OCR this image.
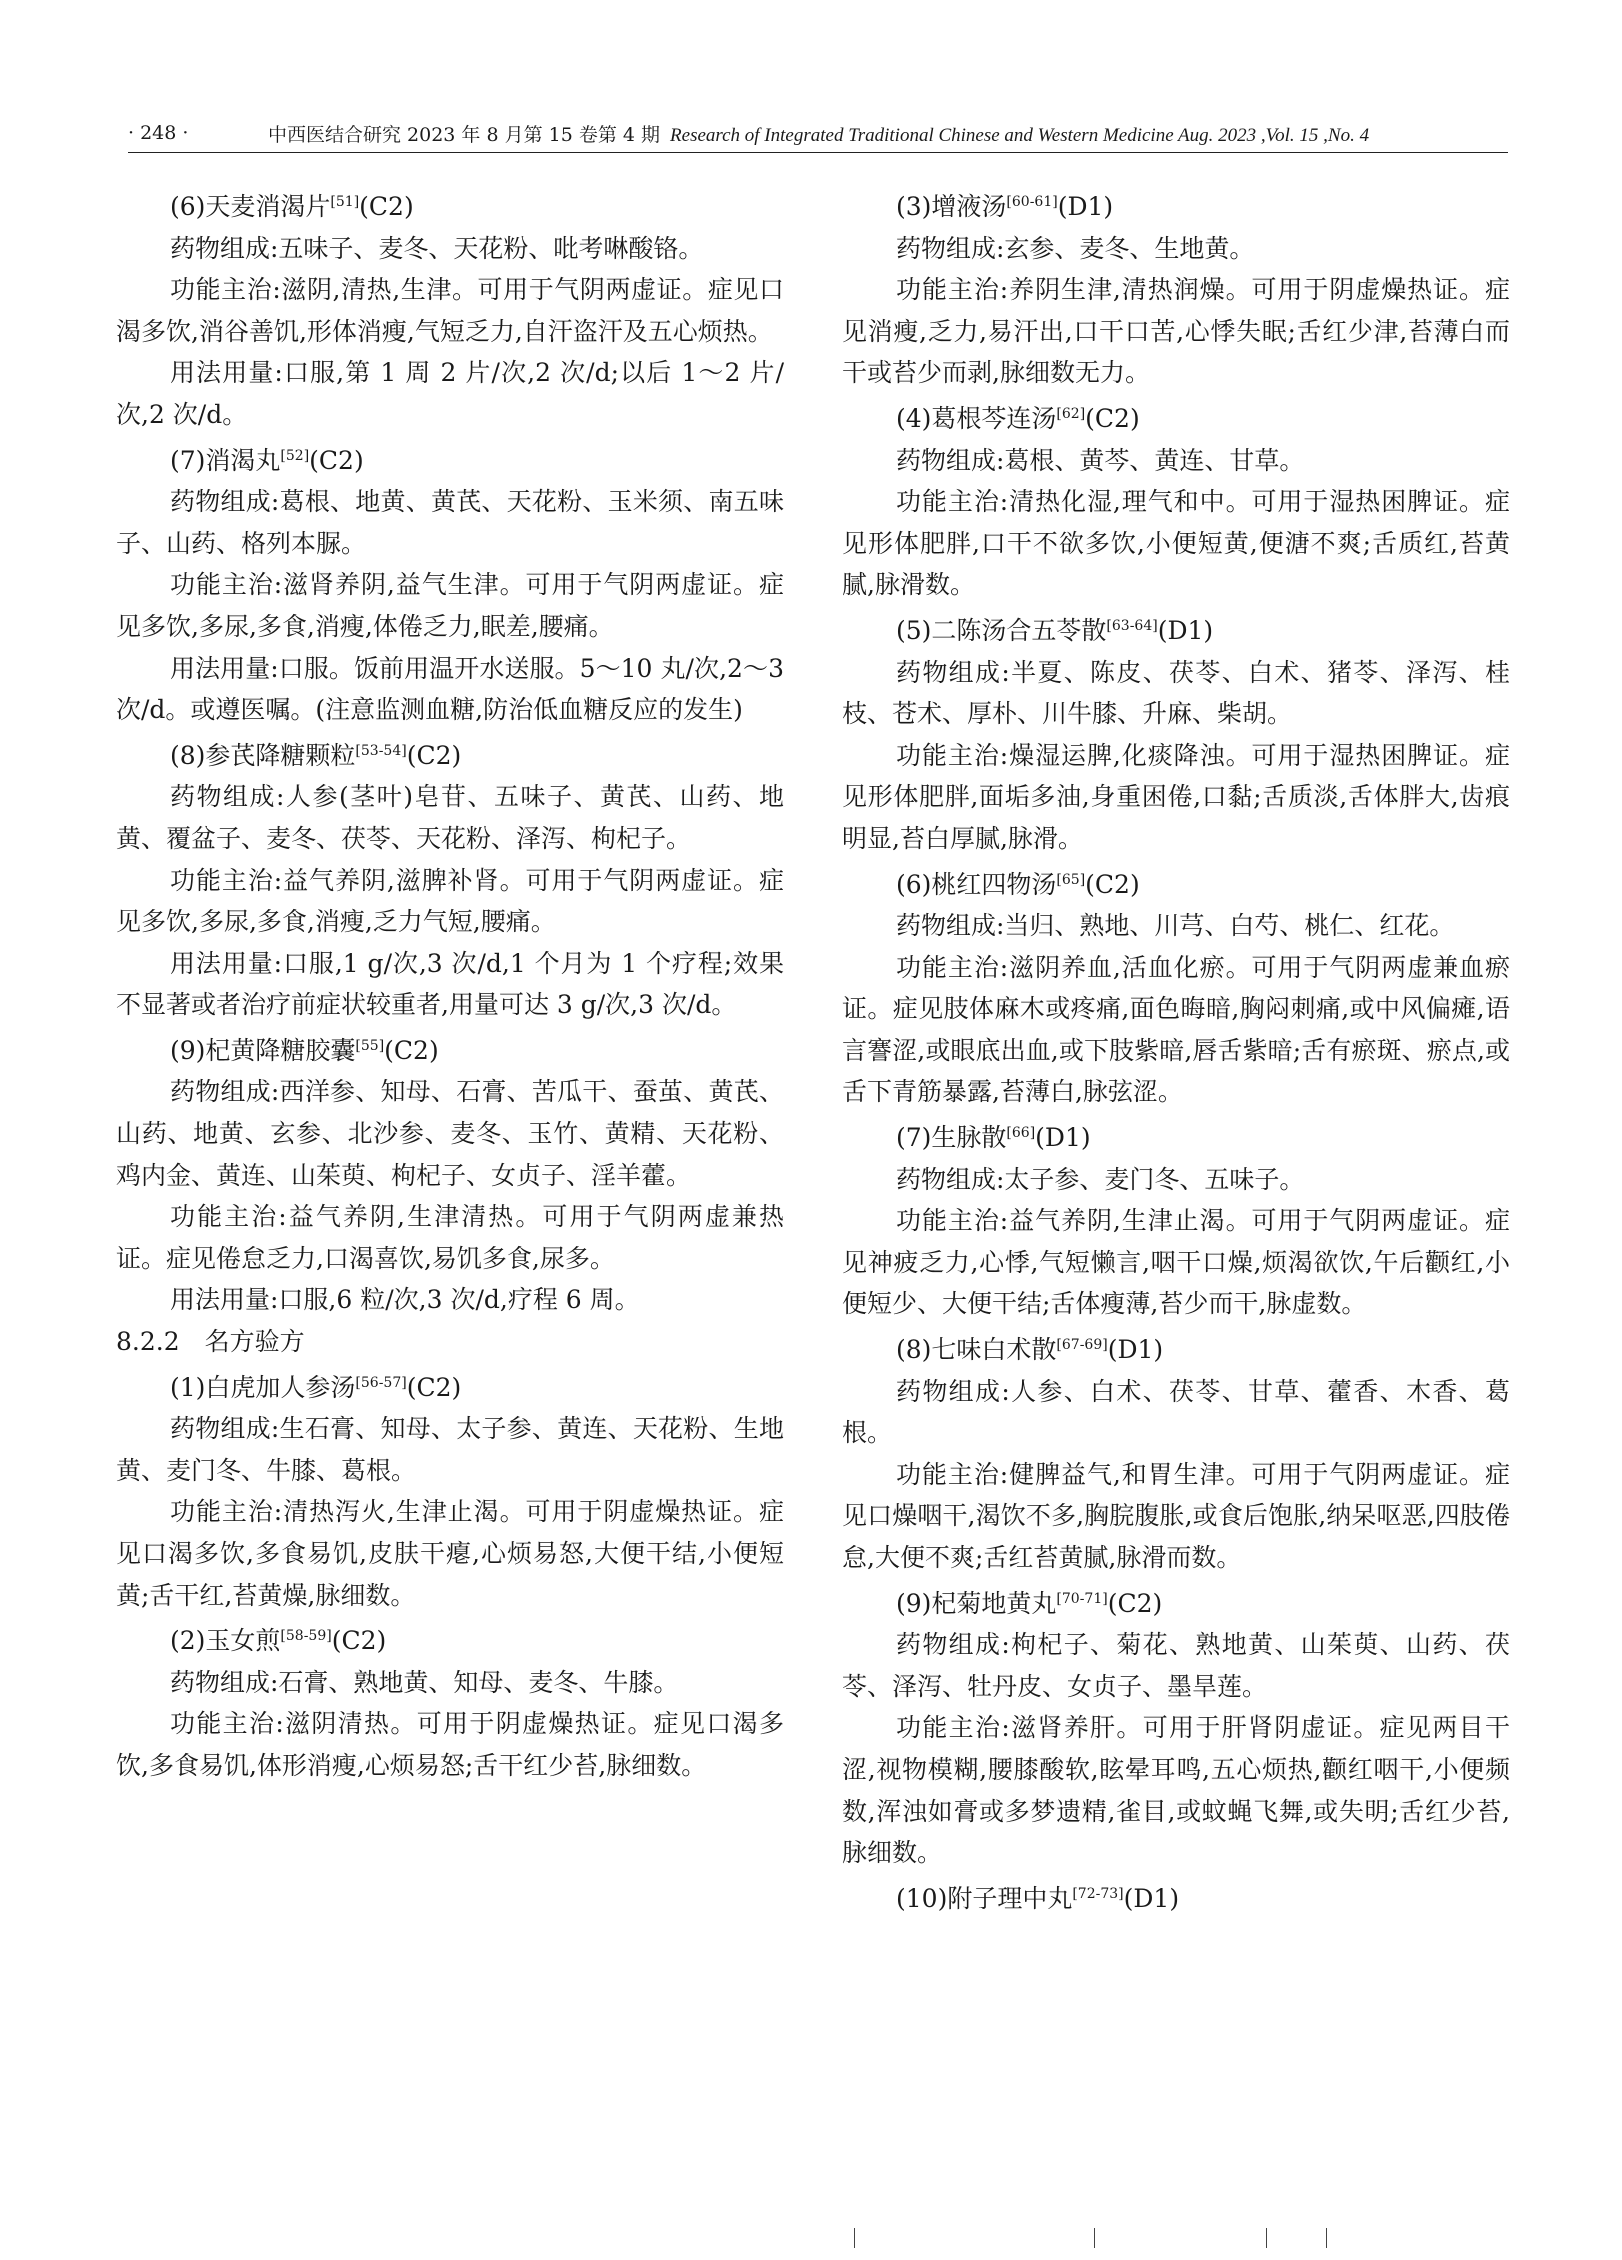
· 248 ·	中西医结合研究 2023 年 8 月第 15 卷第 4 期 Research of Integrated Traditional Chinese and Western Medicine Aug. 2023 ,Vol. 15 ,No. 4

(6)天麦消渴片[51](C2)

药物组成:五味子、麦冬、天花粉、吡考啉酸铬。

功能主治:滋阴,清热,生津。可用于气阴两虚证。症见口渴多饮,消谷善饥,形体消瘦,气短乏力,自汗盗汗及五心烦热。

用法用量:口服,第 1 周 2 片/次,2 次/d;以后 1～2 片/次,2 次/d。

(7)消渴丸[52](C2)

药物组成:葛根、地黄、黄芪、天花粉、玉米须、南五味子、山药、格列本脲。

功能主治:滋肾养阴,益气生津。可用于气阴两虚证。症见多饮,多尿,多食,消瘦,体倦乏力,眠差,腰痛。

用法用量:口服。饭前用温开水送服。5～10 丸/次,2～3 次/d。或遵医嘱。(注意监测血糖,防治低血糖反应的发生)

(8)参芪降糖颗粒[53-54](C2)

药物组成:人参(茎叶)皂苷、五味子、黄芪、山药、地黄、覆盆子、麦冬、茯苓、天花粉、泽泻、枸杞子。

功能主治:益气养阴,滋脾补肾。可用于气阴两虚证。症见多饮,多尿,多食,消瘦,乏力气短,腰痛。

用法用量:口服,1 g/次,3 次/d,1 个月为 1 个疗程;效果不显著或者治疗前症状较重者,用量可达 3 g/次,3 次/d。

(9)杞黄降糖胶囊[55](C2)

药物组成:西洋参、知母、石膏、苦瓜干、蚕茧、黄芪、山药、地黄、玄参、北沙参、麦冬、玉竹、黄精、天花粉、鸡内金、黄连、山茱萸、枸杞子、女贞子、淫羊藿。

功能主治:益气养阴,生津清热。可用于气阴两虚兼热证。症见倦怠乏力,口渴喜饮,易饥多食,尿多。

用法用量:口服,6 粒/次,3 次/d,疗程 6 周。

8.2.2　名方验方

(1)白虎加人参汤[56-57](C2)

药物组成:生石膏、知母、太子参、黄连、天花粉、生地黄、麦门冬、牛膝、葛根。

功能主治:清热泻火,生津止渴。可用于阴虚燥热证。症见口渴多饮,多食易饥,皮肤干瘪,心烦易怒,大便干结,小便短黄;舌干红,苔黄燥,脉细数。

(2)玉女煎[58-59](C2)

药物组成:石膏、熟地黄、知母、麦冬、牛膝。

功能主治:滋阴清热。可用于阴虚燥热证。症见口渴多饮,多食易饥,体形消瘦,心烦易怒;舌干红少苔,脉细数。

(3)增液汤[60-61](D1)

药物组成:玄参、麦冬、生地黄。

功能主治:养阴生津,清热润燥。可用于阴虚燥热证。症见消瘦,乏力,易汗出,口干口苦,心悸失眠;舌红少津,苔薄白而干或苔少而剥,脉细数无力。

(4)葛根芩连汤[62](C2)

药物组成:葛根、黄芩、黄连、甘草。

功能主治:清热化湿,理气和中。可用于湿热困脾证。症见形体肥胖,口干不欲多饮,小便短黄,便溏不爽;舌质红,苔黄腻,脉滑数。

(5)二陈汤合五苓散[63-64](D1)

药物组成:半夏、陈皮、茯苓、白术、猪苓、泽泻、桂枝、苍术、厚朴、川牛膝、升麻、柴胡。

功能主治:燥湿运脾,化痰降浊。可用于湿热困脾证。症见形体肥胖,面垢多油,身重困倦,口黏;舌质淡,舌体胖大,齿痕明显,苔白厚腻,脉滑。

(6)桃红四物汤[65](C2)

药物组成:当归、熟地、川芎、白芍、桃仁、红花。

功能主治:滋阴养血,活血化瘀。可用于气阴两虚兼血瘀证。症见肢体麻木或疼痛,面色晦暗,胸闷刺痛,或中风偏瘫,语言謇涩,或眼底出血,或下肢紫暗,唇舌紫暗;舌有瘀斑、瘀点,或舌下青筋暴露,苔薄白,脉弦涩。

(7)生脉散[66](D1)

药物组成:太子参、麦门冬、五味子。

功能主治:益气养阴,生津止渴。可用于气阴两虚证。症见神疲乏力,心悸,气短懒言,咽干口燥,烦渴欲饮,午后颧红,小便短少、大便干结;舌体瘦薄,苔少而干,脉虚数。

(8)七味白术散[67-69](D1)

药物组成:人参、白术、茯苓、甘草、藿香、木香、葛根。

功能主治:健脾益气,和胃生津。可用于气阴两虚证。症见口燥咽干,渴饮不多,胸脘腹胀,或食后饱胀,纳呆呕恶,四肢倦怠,大便不爽;舌红苔黄腻,脉滑而数。

(9)杞菊地黄丸[70-71](C2)

药物组成:枸杞子、菊花、熟地黄、山茱萸、山药、茯苓、泽泻、牡丹皮、女贞子、墨旱莲。

功能主治:滋肾养肝。可用于肝肾阴虚证。症见两目干涩,视物模糊,腰膝酸软,眩晕耳鸣,五心烦热,颧红咽干,小便频数,浑浊如膏或多梦遗精,雀目,或蚊蝇飞舞,或失明;舌红少苔,脉细数。

(10)附子理中丸[72-73](D1)
